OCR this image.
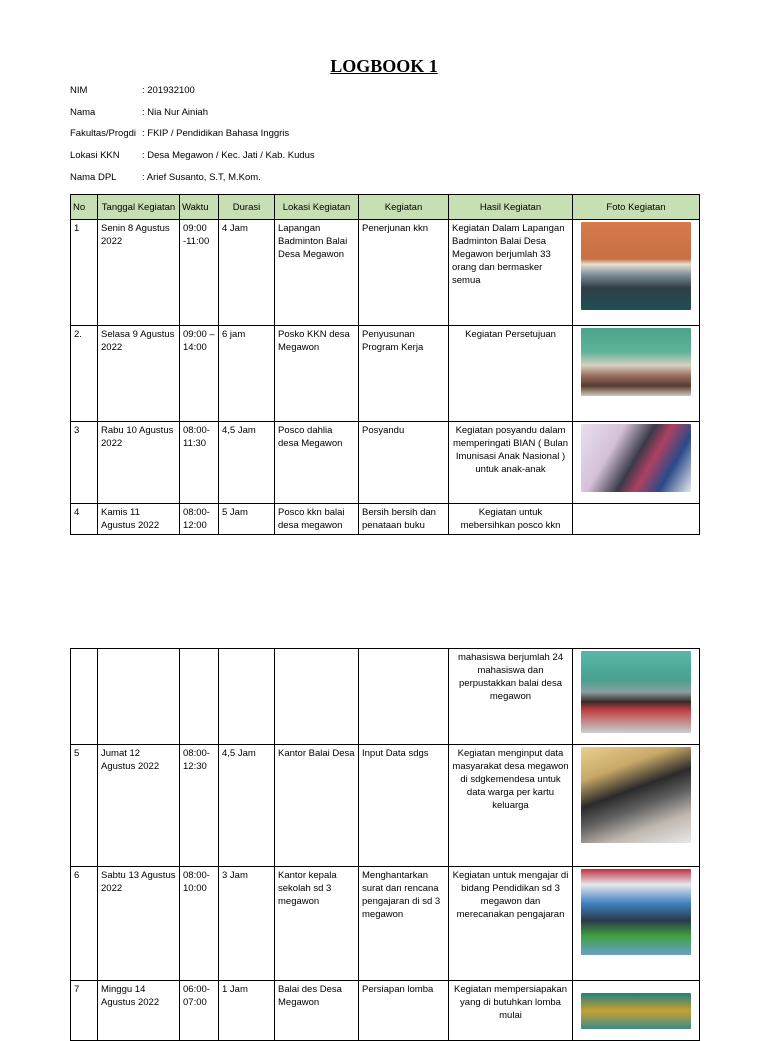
LOGBOOK 1
NIM	: 201932100
Nama	: Nia Nur Ainiah
Fakultas/Progdi : FKIP / Pendidikan Bahasa Inggris
Lokasi KKN : Desa Megawon / Kec. Jati / Kab. Kudus
Nama DPL	: Arief Susanto, S.T, M.Kom.
No	Tanggal Kegiatan	Waktu	Durasi	Lokasi Kegiatan	Kegiatan	Hasil Kegiatan	Foto Kegiatan
1	Senin 8 Agustus 2022	09:00 -11:00	4 Jam	Lapangan Badminton Balai Desa Megawon	Penerjunan kkn	Kegiatan Dalam Lapangan Badminton Balai Desa Megawon berjumlah 33 orang dan bermasker semua	

2.	Selasa 9 Agustus 2022	09:00 – 14:00	6 jam	Posko KKN desa Megawon	Penyusunan Program Kerja	Kegiatan Persetujuan	

3	Rabu 10 Agustus 2022	08:00-11:30	4,5 Jam	Posco dahlia desa Megawon	Posyandu	Kegiatan posyandu dalam memperingati BIAN ( Bulan Imunisasi Anak Nasional ) untuk anak-anak	

4	Kamis 11 Agustus 2022	08:00-12:00	5 Jam	Posco kkn balai desa megawon	Bersih bersih dan penataan buku	Kegiatan untuk mebersihkan posco kkn	
						mahasiswa berjumlah 24 mahasiswa dan perpustakkan balai desa megawon	

5	Jumat 12 Agustus 2022	08:00-12:30	4,5 Jam	Kantor Balai Desa	Input Data sdgs	Kegiatan menginput data masyarakat desa megawon di sdgkemendesa untuk data warga per kartu keluarga	

6	Sabtu 13 Agustus 2022	08:00-10:00	3 Jam	Kantor kepala sekolah sd 3 megawon	Menghantarkan surat dan rencana pengajaran di sd 3 megawon	Kegiatan untuk mengajar di bidang Pendidikan sd 3 megawon dan merecanakan pengajaran	

7	Minggu 14 Agustus 2022	06:00-07:00	1 Jam	Balai des Desa Megawon	Persiapan lomba	Kegiatan mempersiapakan yang di butuhkan lomba mulai	
